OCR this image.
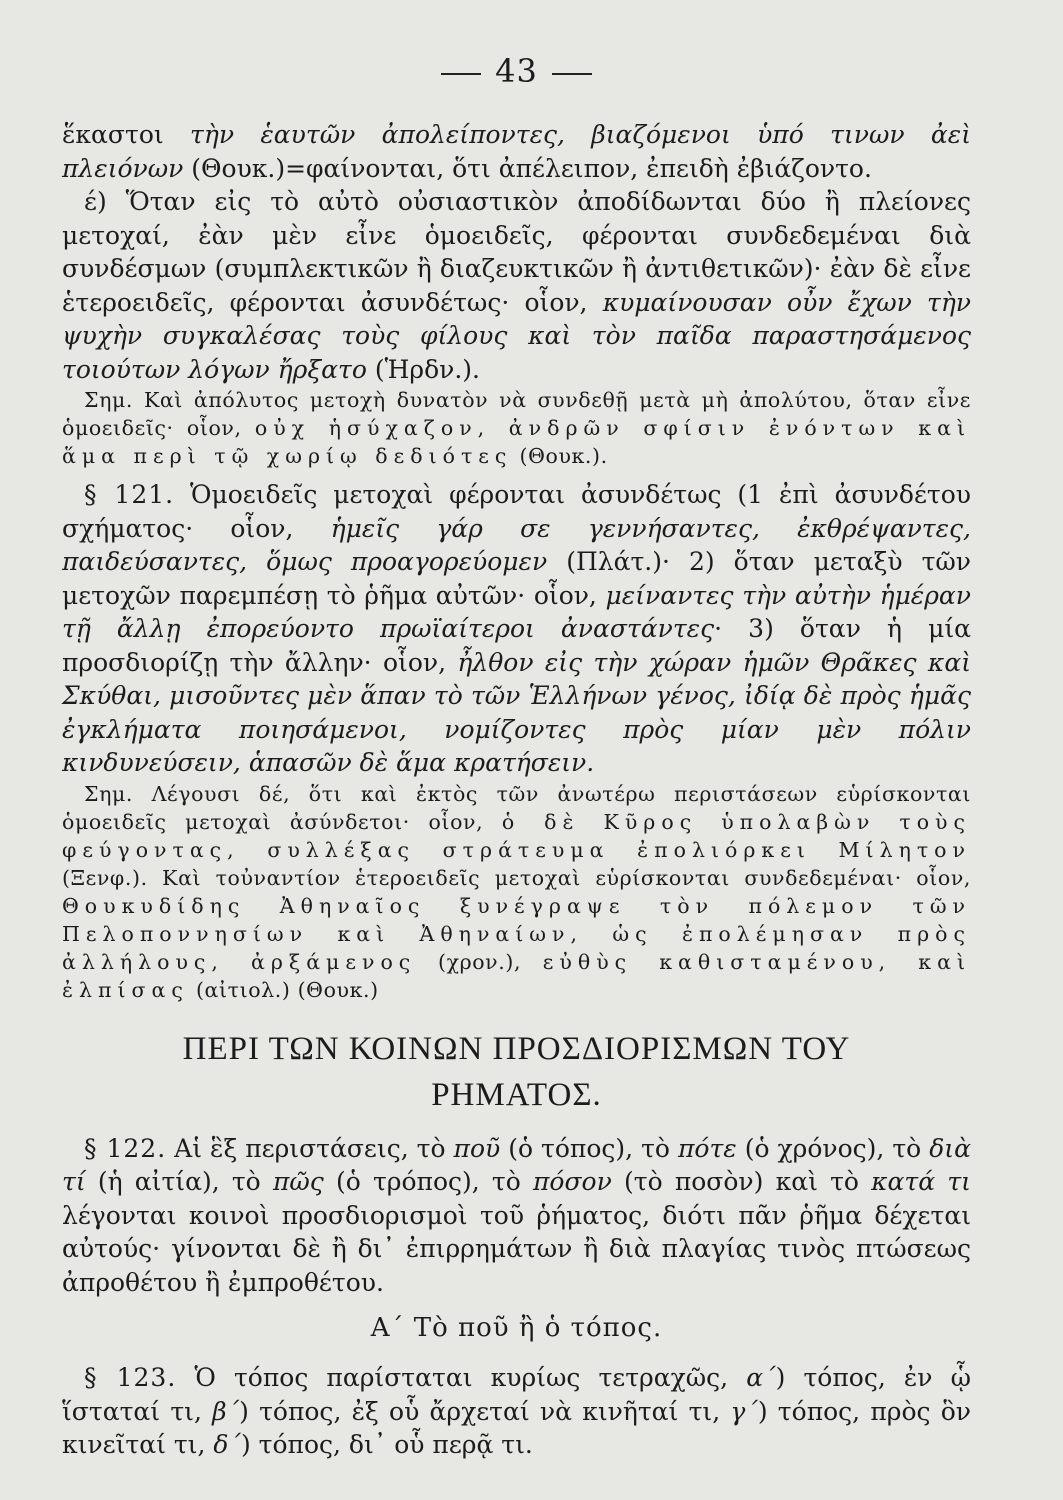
43

ἕκαστοι τὴν ἑαυτῶν ἀπολείποντες, βιαζόμενοι ὑπό τινων ἀεὶ πλειόνων (Θουκ.)=φαίνονται, ὅτι ἀπέλειπον, ἐπειδὴ ἐβιάζοντο.

έ) Ὅταν εἰς τὸ αὐτὸ οὐσιαστικὸν ἀποδίδωνται δύο ἢ πλείονες μετοχαί, ἐὰν μὲν εἶνε ὁμοειδεῖς, φέρονται συνδεδεμέναι διὰ συνδέσμων (συμπλεκτικῶν ἢ διαζευκτικῶν ἢ ἀντιθετικῶν)· ἐὰν δὲ εἶνε ἑτεροειδεῖς, φέρονται ἀσυνδέτως· οἷον, κυμαίνουσαν οὖν ἔχων τὴν ψυχὴν συγκαλέσας τοὺς φίλους καὶ τὸν παῖδα παραστησάμενος τοιούτων λόγων ἤρξατο (Ἡρδν.).

Σημ. Καὶ ἀπόλυτος μετοχὴ δυνατὸν νὰ συνδεθῇ μετὰ μὴ ἀπολύτου, ὅταν εἶνε ὁμοειδεῖς· οἷον, οὐχ ἡσύχαζον, ἀνδρῶν σφίσιν ἐνόντων καὶ ἅμα περὶ τῷ χωρίῳ δεδιότες (Θουκ.).

§ 121. Ὁμοειδεῖς μετοχαὶ φέρονται ἀσυνδέτως (1 ἐπὶ ἀσυνδέτου σχήματος· οἷον, ἡμεῖς γάρ σε γεννήσαντες, ἐκθρέψαντες, παιδεύσαντες, ὅμως προαγορεύομεν (Πλάτ.)· 2) ὅταν μεταξὺ τῶν μετοχῶν παρεμπέσῃ τὸ ῥῆμα αὐτῶν· οἷον, μείναντες τὴν αὐτὴν ἡμέραν τῇ ἄλλῃ ἐπορεύοντο πρωϊαίτεροι ἀναστάντες· 3) ὅταν ἡ μία προσδιορίζῃ τὴν ἄλλην· οἷον, ἦλθον εἰς τὴν χώραν ἡμῶν Θρᾶκες καὶ Σκύθαι, μισοῦντες μὲν ἅπαν τὸ τῶν Ἑλλήνων γένος, ἰδίᾳ δὲ πρὸς ἡμᾶς ἐγκλήματα ποιησάμενοι, νομίζοντες πρὸς μίαν μὲν πόλιν κινδυνεύσειν, ἁπασῶν δὲ ἅμα κρατήσειν.

Σημ. Λέγουσι δέ, ὅτι καὶ ἐκτὸς τῶν ἀνωτέρω περιστάσεων εὑρίσκονται ὁμοειδεῖς μετοχαὶ ἀσύνδετοι· οἷον, ὁ δὲ Κῦρος ὑπολαβὼν τοὺς φεύγοντας, συλλέξας στράτευμα ἐπολιόρκει Μίλητον (Ξενφ.). Καὶ τοὐναντίον ἑτεροειδεῖς μετοχαὶ εὑρίσκονται συνδεδεμέναι· οἷον, Θουκυδίδης Ἀθηναῖος ξυνέγραψε τὸν πόλεμον τῶν Πελοποννησίων καὶ Ἀθηναίων, ὡς ἐπολέμησαν πρὸς ἀλλήλους, ἀρξάμενος (χρον.), εὐθὺς καθισταμένου, καὶ ἐλπίσας (αἰτιολ.) (Θουκ.)

ΠΕΡΙ ΤΩΝ ΚΟΙΝΩΝ ΠΡΟΣΔΙΟΡΙΣΜΩΝ ΤΟΥ
ΡΗΜΑΤΟΣ.

§ 122. Αἱ ἓξ περιστάσεις, τὸ ποῦ (ὁ τόπος), τὸ πότε (ὁ χρόνος), τὸ διὰ τί (ἡ αἰτία), τὸ πῶς (ὁ τρόπος), τὸ πόσον (τὸ ποσὸν) καὶ τὸ κατά τι λέγονται κοινοὶ προσδιορισμοὶ τοῦ ῥήματος, διότι πᾶν ῥῆμα δέχεται αὐτούς· γίνονται δὲ ἢ δι᾽ ἐπιρρημάτων ἢ διὰ πλαγίας τινὸς πτώσεως ἀπροθέτου ἢ ἐμπροθέτου.

Α´ Τὸ ποῦ ἢ ὁ τόπος.

§ 123. Ὁ τόπος παρίσταται κυρίως τετραχῶς, α´) τόπος, ἐν ᾧ ἵσταταί τι, β´) τόπος, ἐξ οὗ ἄρχεταί νὰ κινῆταί τι, γ´) τόπος, πρὸς ὃν κινεῖταί τι, δ´) τόπος, δι᾽ οὗ περᾷ τι.
